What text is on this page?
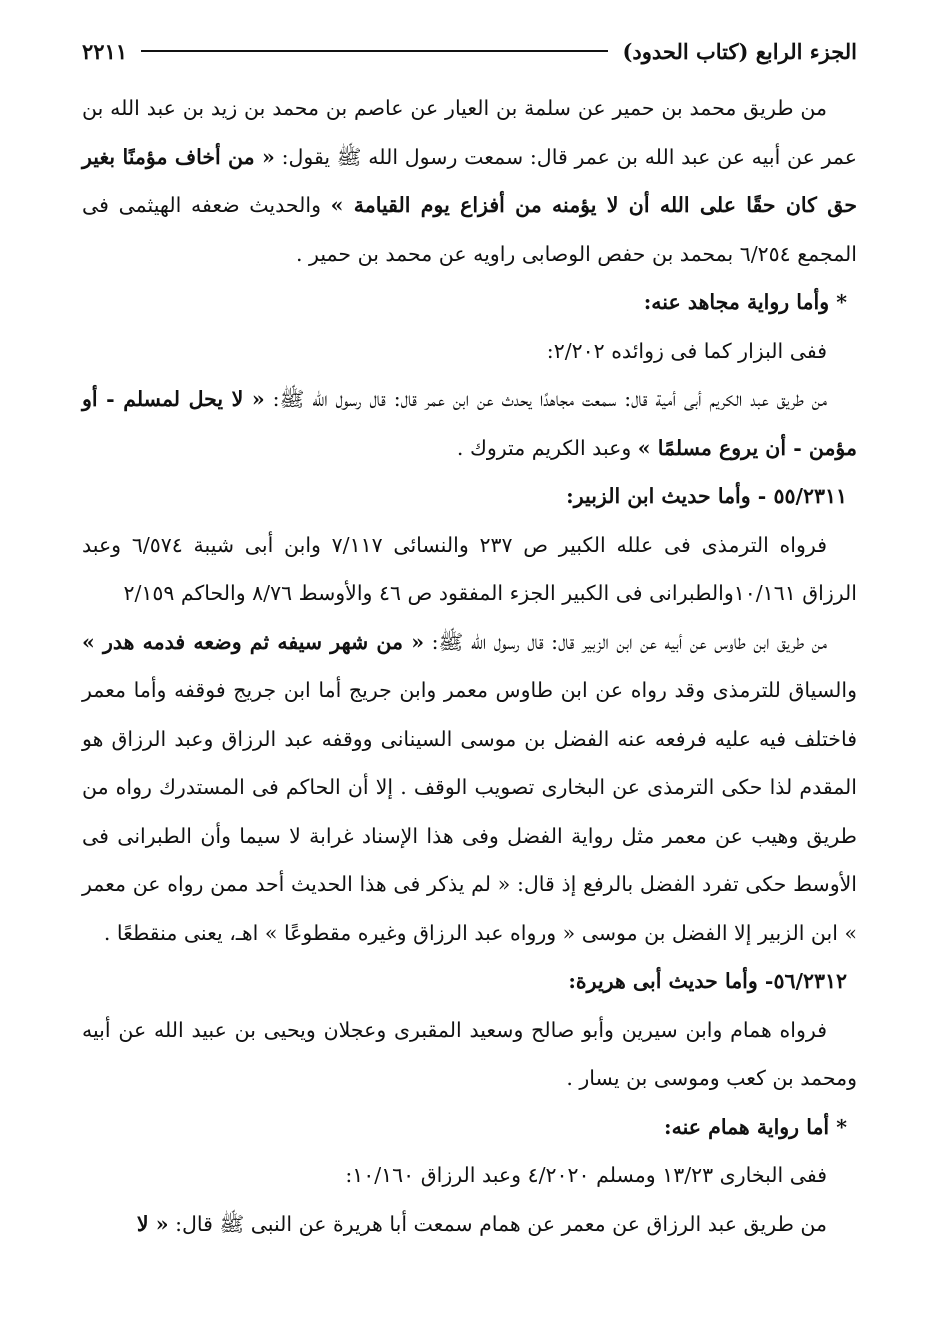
الجزء الرابع (كتاب الحدود)
٢٢١١

من طريق محمد بن حمير عن سلمة بن العيار عن عاصم بن محمد بن زيد بن عبد الله بن عمر عن أبيه عن عبد الله بن عمر قال: سمعت رسول الله ﷺ يقول: « من أخاف مؤمنًا بغير حق كان حقًا على الله أن لا يؤمنه من أفزاع يوم القيامة » والحديث ضعفه الهيثمى فى المجمع ٦/٢٥٤ بمحمد بن حفص الوصابى راويه عن محمد بن حمير .

* وأما رواية مجاهد عنه:

ففى البزار كما فى زوائده ٢/٢٠٢:

من طريق عبد الكريم أبى أمية قال: سمعت مجاهدًا يحدث عن ابن عمر قال: قال رسول الله ﷺ: « لا يحل لمسلم - أو مؤمن - أن يروع مسلمًا » وعبد الكريم متروك .

٥٥/٢٣١١ - وأما حديث ابن الزبير:

فرواه الترمذى فى علله الكبير ص ٢٣٧ والنسائى ٧/١١٧ وابن أبى شيبة ٦/٥٧٤ وعبد الرزاق ١٠/١٦١والطبرانى فى الكبير الجزء المفقود ص ٤٦ والأوسط ٨/٧٦ والحاكم ٢/١٥٩

من طريق ابن طاوس عن أبيه عن ابن الزبير قال: قال رسول الله ﷺ: « من شهر سيفه ثم وضعه فدمه هدر » والسياق للترمذى وقد رواه عن ابن طاوس معمر وابن جريج أما ابن جريج فوقفه وأما معمر فاختلف فيه عليه فرفعه عنه الفضل بن موسى السينانى ووقفه عبد الرزاق وعبد الرزاق هو المقدم لذا حكى الترمذى عن البخارى تصويب الوقف . إلا أن الحاكم فى المستدرك رواه من طريق وهيب عن معمر مثل رواية الفضل وفى هذا الإسناد غرابة لا سيما وأن الطبرانى فى الأوسط حكى تفرد الفضل بالرفع إذ قال: « لم يذكر فى هذا الحديث أحد ممن رواه عن معمر » ابن الزبير إلا الفضل بن موسى « ورواه عبد الرزاق وغيره مقطوعًا » اهـ، يعنى منقطعًا .

٥٦/٢٣١٢- وأما حديث أبى هريرة:

فرواه همام وابن سيرين وأبو صالح وسعيد المقبرى وعجلان ويحيى بن عبيد الله عن أبيه ومحمد بن كعب وموسى بن يسار .

* أما رواية همام عنه:

ففى البخارى ١٣/٢٣ ومسلم ٤/٢٠٢٠ وعبد الرزاق ١٠/١٦٠:

من طريق عبد الرزاق عن معمر عن همام سمعت أبا هريرة عن النبى ﷺ قال: « لا
